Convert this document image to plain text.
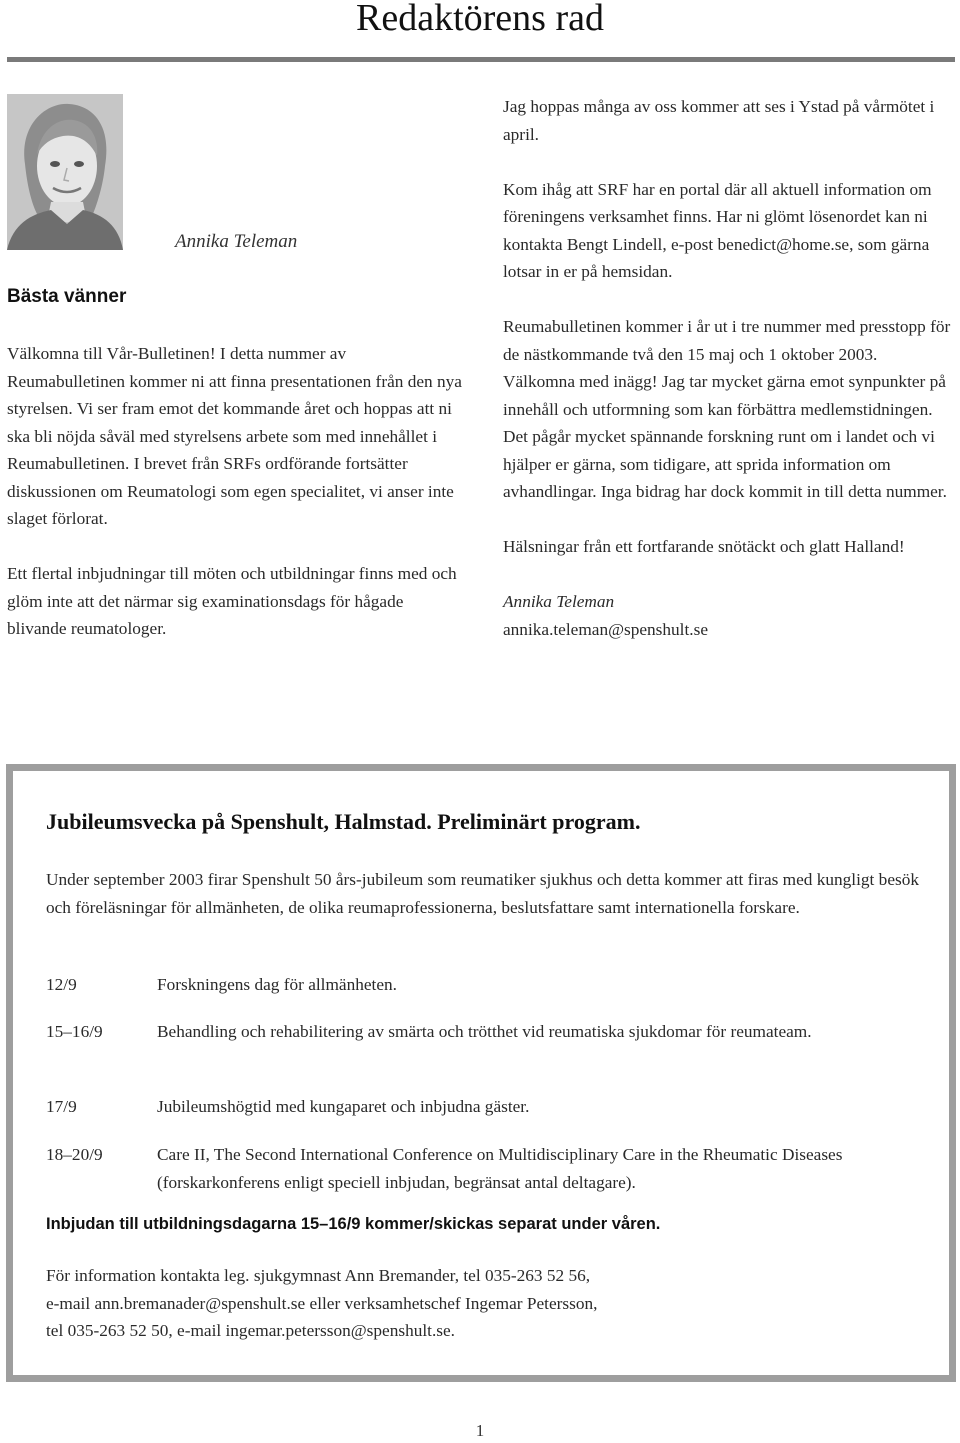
Redaktörens rad
Annika Teleman
Bästa vänner

Välkomna till Vår-Bulletinen! I detta nummer av Reumabulletinen kommer ni att finna presentationen från den nya styrelsen. Vi ser fram emot det kommande året och hoppas att ni ska bli nöjda såväl med styrelsens arbete som med innehållet i Reumabulletinen. I brevet från SRFs ordförande fortsätter diskussionen om Reumatologi som egen specialitet, vi anser inte slaget förlorat.

Ett flertal inbjudningar till möten och utbildningar finns med och glöm inte att det närmar sig examinationsdags för hågade blivande reumatologer.

Jag hoppas många av oss kommer att ses i Ystad på vårmötet i april.

Kom ihåg att SRF har en portal där all aktuell information om föreningens verksamhet finns. Har ni glömt lösenordet kan ni kontakta Bengt Lindell, e-post benedict@home.se, som gärna lotsar in er på hemsidan.

Reumabulletinen kommer i år ut i tre nummer med presstopp för de nästkommande två den 15 maj och 1 oktober 2003. Välkomna med inägg! Jag tar mycket gärna emot synpunkter på innehåll och utformning som kan förbättra medlemstidningen. Det pågår mycket spännande forskning runt om i landet och vi hjälper er gärna, som tidigare, att sprida information om avhandlingar. Inga bidrag har dock kommit in till detta nummer.

Hälsningar från ett fortfarande snötäckt och glatt Halland!

Annika Teleman
annika.teleman@spenshult.se

Jubileumsvecka på Spenshult, Halmstad. Preliminärt program.

Under september 2003 firar Spenshult 50 års-jubileum som reumatiker sjukhus och detta kommer att firas med kungligt besök och föreläsningar för allmänheten, de olika reumaprofessionerna, beslutsfattare samt internationella forskare.

12/9	Forskningens dag för allmänheten.
15–16/9	Behandling och rehabilitering av smärta och trötthet vid reumatiska sjukdomar för reumateam.
17/9	Jubileumshögtid med kungaparet och inbjudna gäster.
18–20/9	Care II, The Second International Conference on Multidisciplinary Care in the Rheumatic Diseases (forskarkonferens enligt speciell inbjudan, begränsat antal deltagare).

Inbjudan till utbildningsdagarna 15–16/9 kommer/skickas separat under våren.

För information kontakta leg. sjukgymnast Ann Bremander, tel 035-263 52 56,
e-mail ann.bremanader@spenshult.se eller verksamhetschef Ingemar Petersson,
tel 035-263 52 50, e-mail ingemar.petersson@spenshult.se.

1
